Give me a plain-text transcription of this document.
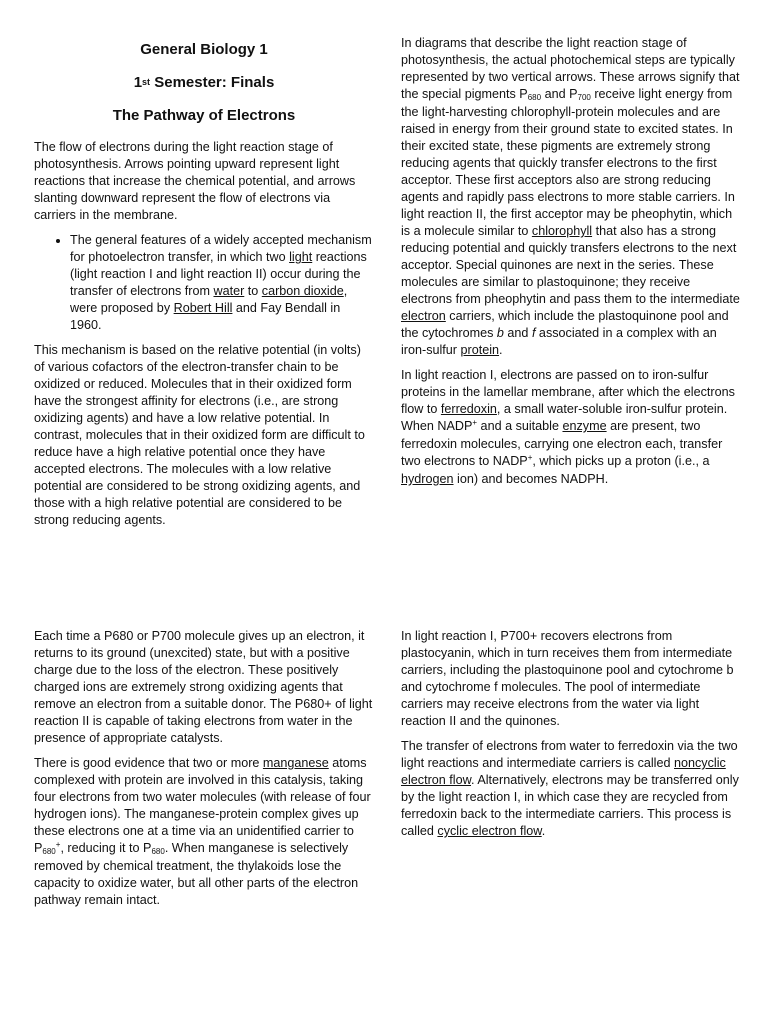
General Biology 1
1st Semester: Finals
The Pathway of Electrons

The flow of electrons during the light reaction stage of photosynthesis. Arrows pointing upward represent light reactions that increase the chemical potential, and arrows slanting downward represent the flow of electrons via carriers in the membrane.

• The general features of a widely accepted mechanism for photoelectron transfer, in which two light reactions (light reaction I and light reaction II) occur during the transfer of electrons from water to carbon dioxide, were proposed by Robert Hill and Fay Bendall in 1960.

This mechanism is based on the relative potential (in volts) of various cofactors of the electron-transfer chain to be oxidized or reduced. Molecules that in their oxidized form have the strongest affinity for electrons (i.e., are strong oxidizing agents) and have a low relative potential. In contrast, molecules that in their oxidized form are difficult to reduce have a high relative potential once they have accepted electrons. The molecules with a low relative potential are considered to be strong oxidizing agents, and those with a high relative potential are considered to be strong reducing agents.

In diagrams that describe the light reaction stage of photosynthesis, the actual photochemical steps are typically represented by two vertical arrows. These arrows signify that the special pigments $P_{680}$ and $P_{700}$ receive light energy from the light-harvesting chlorophyll-protein molecules and are raised in energy from their ground state to excited states. In their excited state, these pigments are extremely strong reducing agents that quickly transfer electrons to the first acceptor. These first acceptors also are strong reducing agents and rapidly pass electrons to more stable carriers. In light reaction II, the first acceptor may be pheophytin, which is a molecule similar to chlorophyll that also has a strong reducing potential and quickly transfers electrons to the next acceptor. Special quinones are next in the series. These molecules are similar to plastoquinone; they receive electrons from pheophytin and pass them to the intermediate electron carriers, which include the plastoquinone pool and the cytochromes b and f associated in a complex with an iron-sulfur protein.

In light reaction I, electrons are passed on to iron-sulfur proteins in the lamellar membrane, after which the electrons flow to ferredoxin, a small water-soluble iron-sulfur protein. When NADP+ and a suitable enzyme are present, two ferredoxin molecules, carrying one electron each, transfer two electrons to NADP+, which picks up a proton (i.e., a hydrogen ion) and becomes NADPH.

Each time a P680 or P700 molecule gives up an electron, it returns to its ground (unexcited) state, but with a positive charge due to the loss of the electron. These positively charged ions are extremely strong oxidizing agents that remove an electron from a suitable donor. The P680+ of light reaction II is capable of taking electrons from water in the presence of appropriate catalysts.

There is good evidence that two or more manganese atoms complexed with protein are involved in this catalysis, taking four electrons from two water molecules (with release of four hydrogen ions). The manganese-protein complex gives up these electrons one at a time via an unidentified carrier to $P_{680}^+$, reducing it to $P_{680}$. When manganese is selectively removed by chemical treatment, the thylakoids lose the capacity to oxidize water, but all other parts of the electron pathway remain intact.

In light reaction I, P700+ recovers electrons from plastocyanin, which in turn receives them from intermediate carriers, including the plastoquinone pool and cytochrome b and cytochrome f molecules. The pool of intermediate carriers may receive electrons from the water via light reaction II and the quinones.

The transfer of electrons from water to ferredoxin via the two light reactions and intermediate carriers is called noncyclic electron flow. Alternatively, electrons may be transferred only by the light reaction I, in which case they are recycled from ferredoxin back to the intermediate carriers. This process is called cyclic electron flow.
